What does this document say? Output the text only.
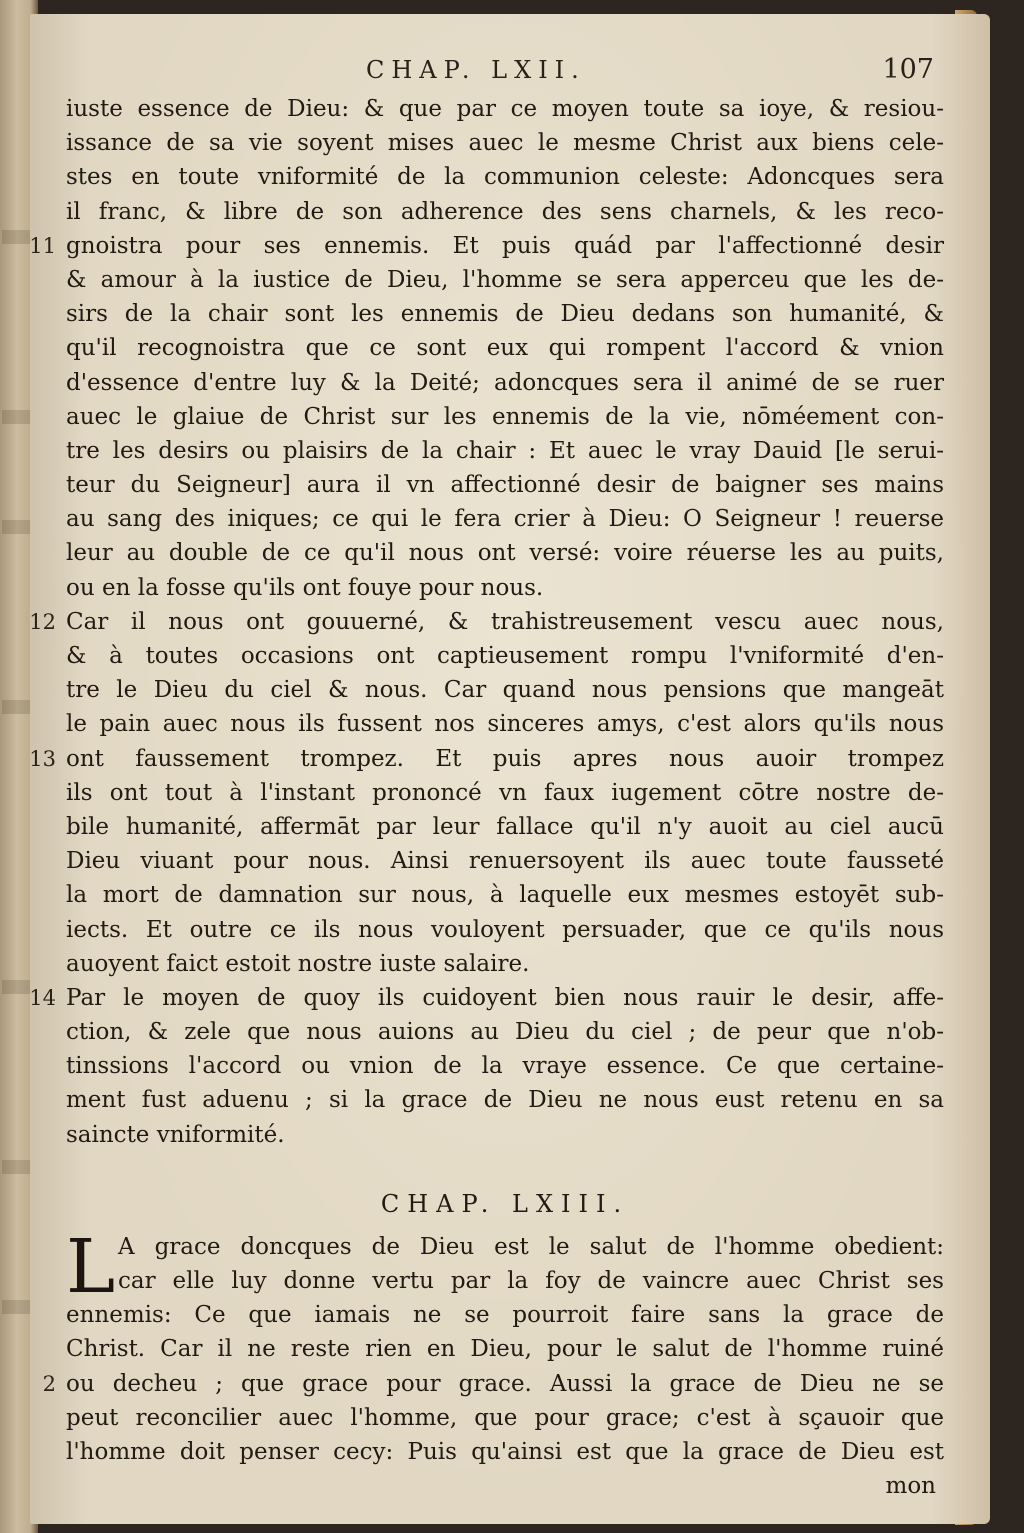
CHAP. LXII.	107
iuste essence de Dieu: & que par ce moyen toute sa ioye, & resiou-
issance de sa vie soyent mises auec le mesme Christ aux biens cele-
stes en toute vniformité de la communion celeste: Adoncques sera
il franc, & libre de son adherence des sens charnels, & les reco-
11 gnoistra pour ses ennemis. Et puis quád par l'affectionné desir
& amour à la iustice de Dieu, l'homme se sera apperceu que les de-
sirs de la chair sont les ennemis de Dieu dedans son humanité, &
qu'il recognoistra que ce sont eux qui rompent l'accord & vnion
d'essence d'entre luy & la Deité; adoncques sera il animé de se ruer
auec le glaiue de Christ sur les ennemis de la vie, nōméement con-
tre les desirs ou plaisirs de la chair : Et auec le vray Dauid [le serui-
teur du Seigneur] aura il vn affectionné desir de baigner ses mains
au sang des iniques; ce qui le fera crier à Dieu: O Seigneur ! reuerse
leur au double de ce qu'il nous ont versé: voire réuerse les au puits,
ou en la fosse qu'ils ont fouye pour nous.
12 Car il nous ont gouuerné, & trahistreusement vescu auec nous,
& à toutes occasions ont captieusement rompu l'vniformité d'en-
tre le Dieu du ciel & nous. Car quand nous pensions que mangeāt
le pain auec nous ils fussent nos sinceres amys, c'est alors qu'ils nous
13 ont faussement trompez. Et puis apres nous auoir trompez
ils ont tout à l'instant prononcé vn faux iugement cōtre nostre de-
bile humanité, affermāt par leur fallace qu'il n'y auoit au ciel aucū
Dieu viuant pour nous. Ainsi renuersoyent ils auec toute fausseté
la mort de damnation sur nous, à laquelle eux mesmes estoyēt sub-
iects. Et outre ce ils nous vouloyent persuader, que ce qu'ils nous
auoyent faict estoit nostre iuste salaire.
14 Par le moyen de quoy ils cuidoyent bien nous rauir le desir, affe-
ction, & zele que nous auions au Dieu du ciel ; de peur que n'ob-
tinssions l'accord ou vnion de la vraye essence. Ce que certaine-
ment fust aduenu ; si la grace de Dieu ne nous eust retenu en sa
saincte vniformité.
CHAP. LXIII.
L A grace doncques de Dieu est le salut de l'homme obedient:
car elle luy donne vertu par la foy de vaincre auec Christ ses
ennemis: Ce que iamais ne se pourroit faire sans la grace de
Christ. Car il ne reste rien en Dieu, pour le salut de l'homme ruiné
2 ou decheu ; que grace pour grace. Aussi la grace de Dieu ne se
peut reconcilier auec l'homme, que pour grace; c'est à sçauoir que
l'homme doit penser cecy: Puis qu'ainsi est que la grace de Dieu est
mon
